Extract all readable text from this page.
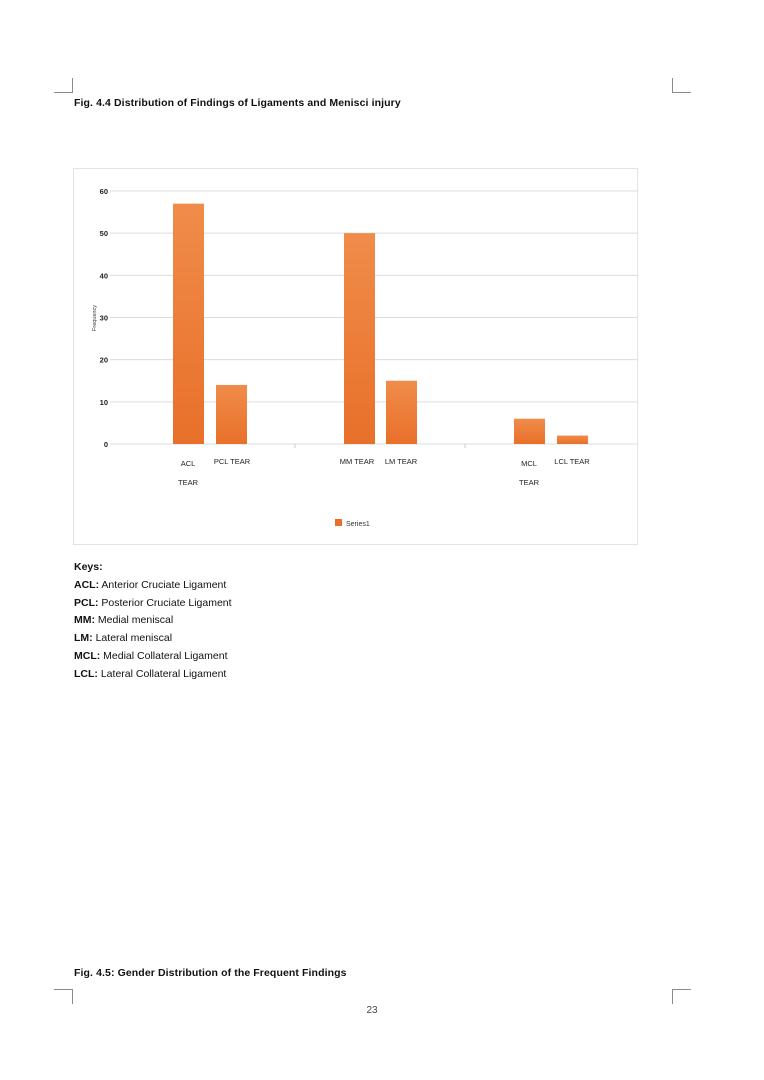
Fig. 4.4 Distribution of Findings of Ligaments and Menisci injury
0
10
20
30
40
50
60
Frequency
ACL
TEAR
PCL TEAR	MM TEAR LM TEAR	MCL
TEAR
LCL TEAR
Series1
Keys:
ACL: Anterior Cruciate Ligament
PCL: Posterior Cruciate Ligament
MM: Medial meniscal
LM: Lateral meniscal
MCL: Medial Collateral Ligament
LCL: Lateral Collateral Ligament
Fig. 4.5: Gender Distribution of the Frequent Findings
23
